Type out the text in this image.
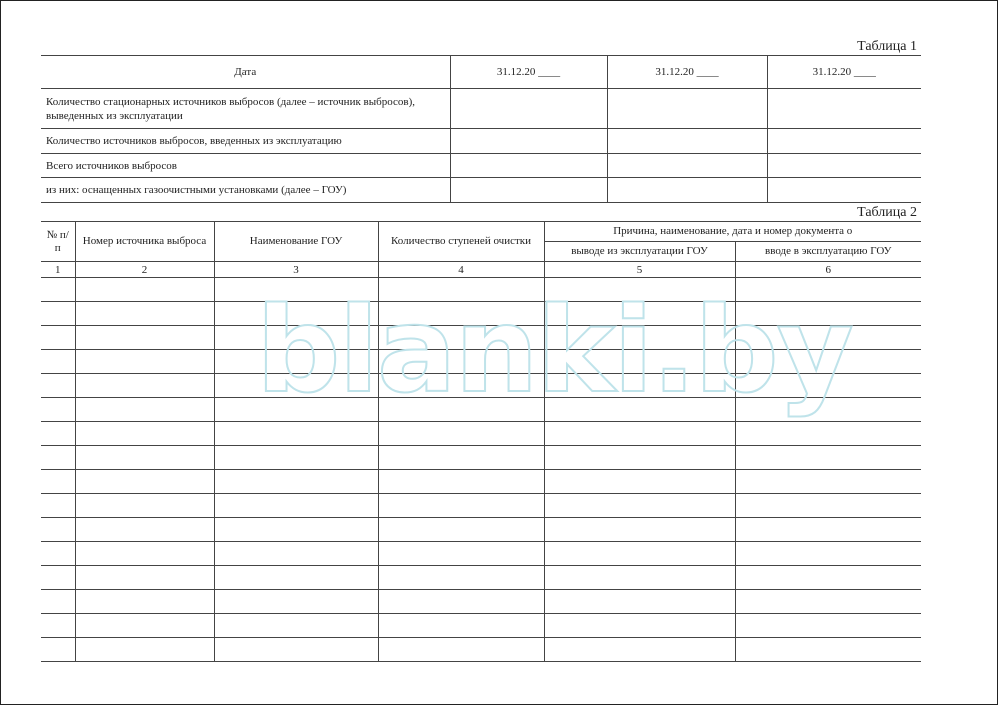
Таблица 1
Дата	31.12.20 ____	31.12.20 ____	31.12.20 ____
Количество стационарных источников выбросов (далее – источник выбросов), выведенных из эксплуатации			
Количество источников выбросов, введенных из эксплуатацию			
Всего источников выбросов			
из них: оснащенных газоочистными установками (далее – ГОУ)			
Таблица 2
№ п/п	Номер источника выброса	Наименование ГОУ	Количество ступеней очистки	Причина, наименование, дата и номер документа о	
				выводе из эксплуатации ГОУ	вводе в эксплуатацию ГОУ
1	2	3	4	5	6

blanki.by
